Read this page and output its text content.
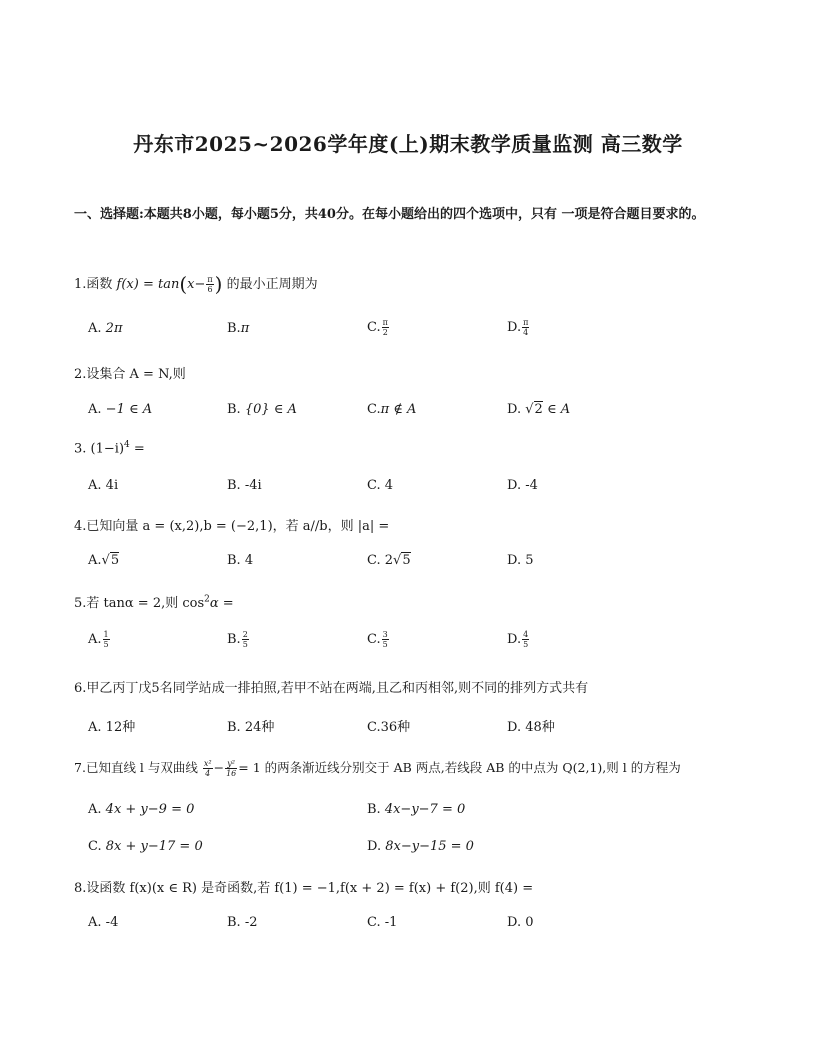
丹东市2025~2026学年度(上)期末教学质量监测 高三数学
一、选择题:本题共8小题，每小题5分，共40分。在每小题给出的四个选项中，只有 一项是符合题目要求的。
1.函数 $f(x) = \tan(x- \frac{\pi}{6}$ ) 的最小正周期为
A. 2π	B.π	C. $\frac{\pi}{2}$	D. $\frac{\pi}{4}$
2.设集合 A = N,则
A. −1 ∈ A	B. {0} ∈ A	C.π ∉ A	D. √2 ∈ A
3. $(1-i)^4$ =
A. 4i	B. -4i	C. 4	D. -4
4.已知向量 a = (x,2),b = (−2,1)，若 a//b，则 |a| =
A.√5	B. 4	C. 2√5	D. 5
5.若 tanα = 2,则 $\cos^2\alpha$ =
A. $\frac{1}{5}$	B. $\frac{2}{5}$	C. $\frac{3}{5}$	D. $\frac{4}{5}$
6.甲乙丙丁戊5名同学站成一排拍照,若甲不站在两端,且乙和丙相邻,则不同的排列方式共有
A. 12种	B. 24种	C.36种	D. 48种
7.已知直线 l 与双曲线 $\frac{\text{x²}}{4} - \frac{\text{y²}}{16} = 1$ 的两条渐近线分别交于 AB 两点,若线段 AB 的中点为 Q(2,1),则 l 的方程为
A. 4x + y−9 = 0	B. 4x−y−7 = 0
C. 8x + y−17 = 0	D. 8x−y−15 = 0
8.设函数 f(x)(x ∈ R) 是奇函数,若 f(1) = −1,f(x + 2) = f(x) + f(2),则 f(4) =
A. -4	B. -2	C. -1	D. 0
